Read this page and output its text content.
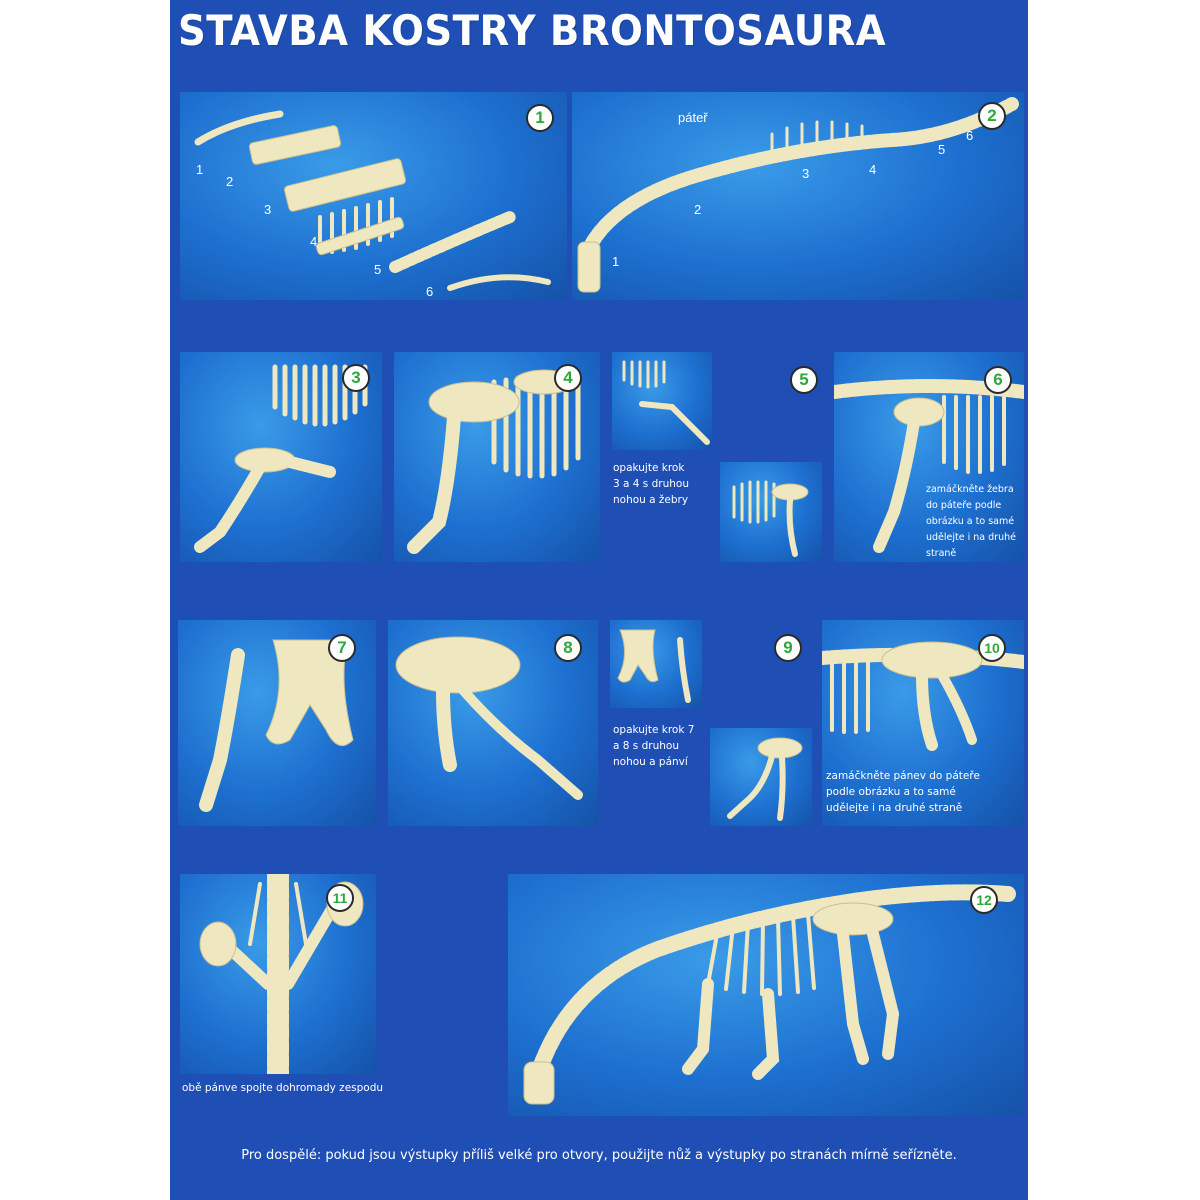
STAVBA KOSTRY BRONTOSAURA
1
1
2
3
4
5
6
páteř	2
1
2
3	4
5
6
3	4	5
opakujte krok
3 a 4 s druhou
nohou a žebry
6
zamáčkněte žebra
do páteře podle
obrázku a to samé
udělejte i na druhé
straně
7	8	9
opakujte krok 7
a 8 s druhou
nohou a pánví
10
zamáčkněte pánev do páteře
podle obrázku a to samé
udělejte i na druhé straně
11
obě pánve spojte dohromady zespodu
12
Pro dospělé: pokud jsou výstupky příliš velké pro otvory, použijte nůž a výstupky po stranách mírně seřízněte.
